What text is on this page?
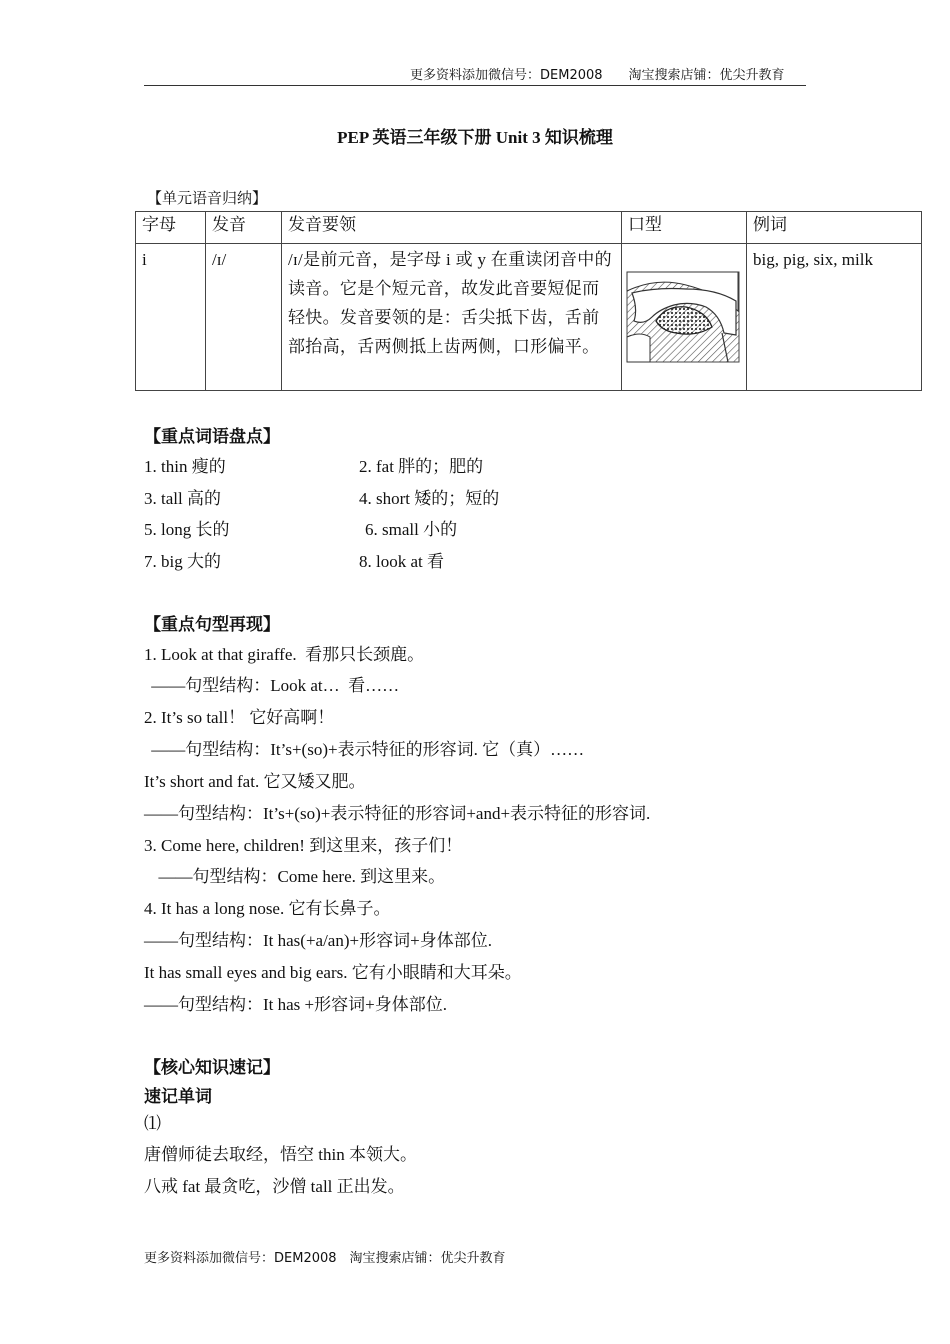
更多资料添加微信号：DEM2008　　淘宝搜索店铺：优尖升教育
PEP 英语三年级下册 Unit 3 知识梳理
【单元语音归纳】
字母	发音	发音要领	口型	例词
i	/ɪ/	/ɪ/是前元音，是字母 i 或 y 在重读闭音中的读音。它是个短元音，故发此音要短促而轻快。发音要领的是：舌尖抵下齿，舌前部抬高，舌两侧抵上齿两侧，口形偏平。		big, pig, six, milk
【重点词语盘点】
1. thin 瘦的	2. fat 胖的；肥的
3. tall 高的	4. short 矮的；短的
5. long 长的	6. small 小的
7. big 大的	8. look at 看
【重点句型再现】
1. Look at that giraffe.  看那只长颈鹿。
——句型结构：Look at…  看……
2. It’s so tall！ 它好高啊！
——句型结构：It’s+(so)+表示特征的形容词. 它（真）……
It’s short and fat. 它又矮又肥。
——句型结构：It’s+(so)+表示特征的形容词+and+表示特征的形容词.
3. Come here, children! 到这里来，孩子们！
——句型结构：Come here. 到这里来。
4. It has a long nose. 它有长鼻子。
——句型结构：It has(+a/an)+形容词+身体部位.
It has small eyes and big ears. 它有小眼睛和大耳朵。
——句型结构：It has +形容词+身体部位.
【核心知识速记】
速记单词
⑴
唐僧师徒去取经，悟空 thin 本领大。
八戒 fat 最贪吃，沙僧 tall 正出发。
更多资料添加微信号：DEM2008　淘宝搜索店铺：优尖升教育
